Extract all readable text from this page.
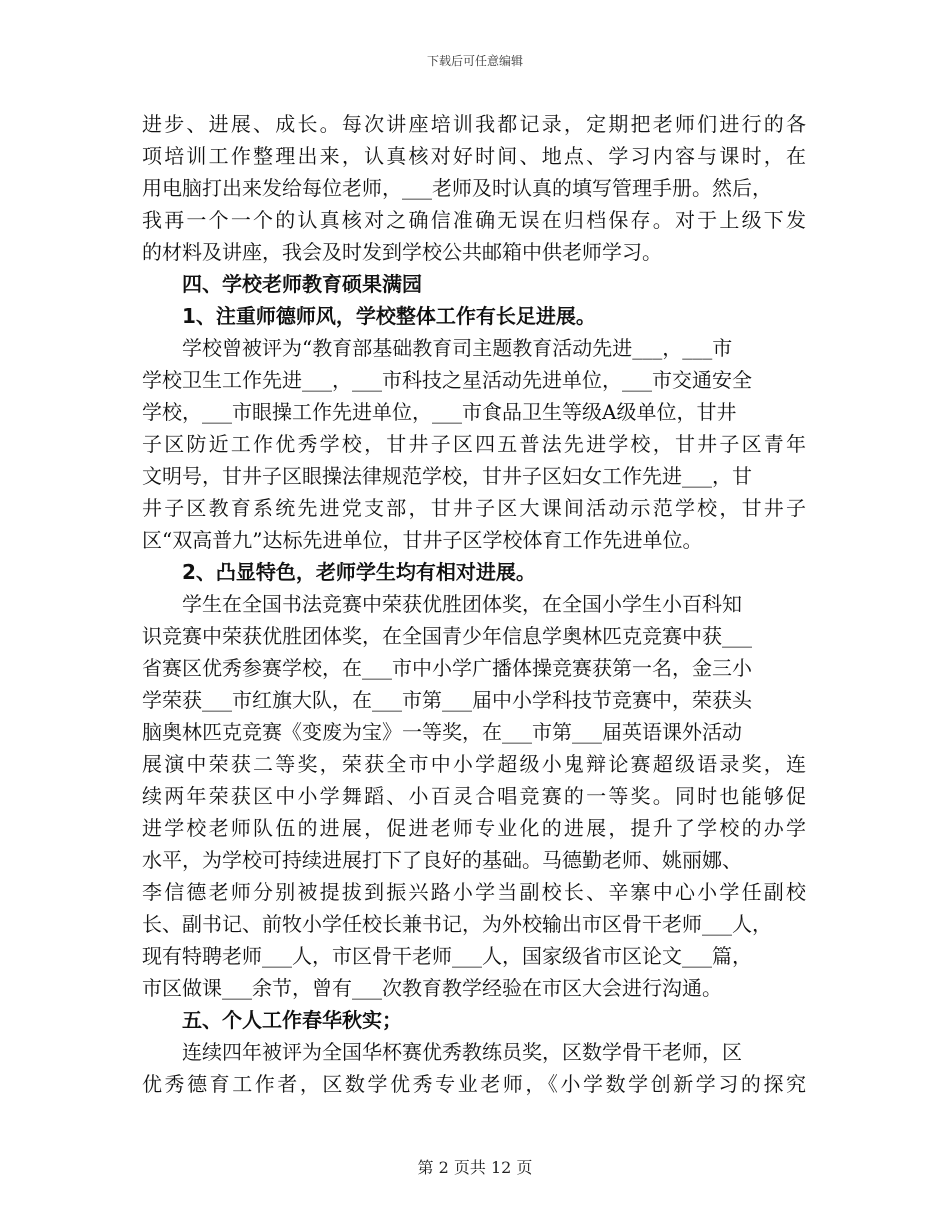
下载后可任意编辑
进步、进展、成长。每次讲座培训我都记录，定期把老师们进行的各
项培训工作整理出来，认真核对好时间、地点、学习内容与课时，在
用电脑打出来发给每位老师，___老师及时认真的填写管理手册。然后，
我再一个一个的认真核对之确信准确无误在归档保存。对于上级下发
的材料及讲座，我会及时发到学校公共邮箱中供老师学习。
四、学校老师教育硕果满园
1、注重师德师风，学校整体工作有长足进展。
学校曾被评为“教育部基础教育司主题教育活动先进___，___市
学校卫生工作先进___，___市科技之星活动先进单位，___市交通安全
学校，___市眼操工作先进单位，___市食品卫生等级A级单位，甘井
子区防近工作优秀学校，甘井子区四五普法先进学校，甘井子区青年
文明号，甘井子区眼操法律规范学校，甘井子区妇女工作先进___，甘
井子区教育系统先进党支部，甘井子区大课间活动示范学校，甘井子
区“双高普九”达标先进单位，甘井子区学校体育工作先进单位。
2、凸显特色，老师学生均有相对进展。
学生在全国书法竞赛中荣获优胜团体奖，在全国小学生小百科知
识竞赛中荣获优胜团体奖，在全国青少年信息学奥林匹克竞赛中获___
省赛区优秀参赛学校，在___市中小学广播体操竞赛获第一名，金三小
学荣获___市红旗大队，在___市第___届中小学科技节竞赛中，荣获头
脑奥林匹克竞赛《变废为宝》一等奖，在___市第___届英语课外活动
展演中荣获二等奖，荣获全市中小学超级小鬼辩论赛超级语录奖，连
续两年荣获区中小学舞蹈、小百灵合唱竞赛的一等奖。同时也能够促
进学校老师队伍的进展，促进老师专业化的进展，提升了学校的办学
水平，为学校可持续进展打下了良好的基础。马德勤老师、姚丽娜、
李信德老师分别被提拔到振兴路小学当副校长、辛寨中心小学任副校
长、副书记、前牧小学任校长兼书记，为外校输出市区骨干老师___人，
现有特聘老师___人，市区骨干老师___人，国家级省市区论文___篇，
市区做课___余节，曾有___次教育教学经验在市区大会进行沟通。
五、个人工作春华秋实；
连续四年被评为全国华杯赛优秀教练员奖，区数学骨干老师，区
优秀德育工作者，区数学优秀专业老师，《小学数学创新学习的探究
第 2 页共 12 页
